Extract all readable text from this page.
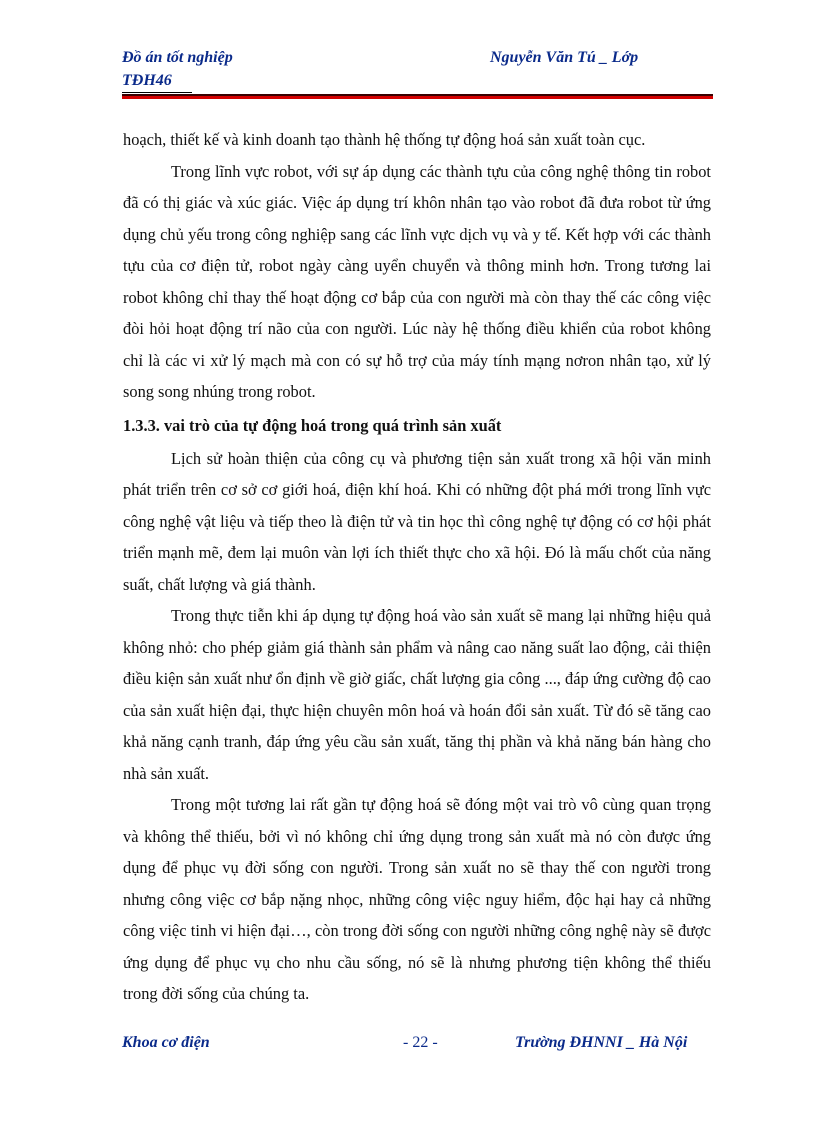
Đồ án tốt nghiệp
TĐH46
Nguyễn Văn Tú _ Lớp

hoạch, thiết kế và kinh doanh tạo thành hệ thống tự động hoá sản xuất toàn cục.

Trong lĩnh vực robot, với sự áp dụng các thành tựu của công nghệ thông tin robot đã có thị giác và xúc giác. Việc áp dụng trí khôn nhân tạo vào robot đã đưa robot từ ứng dụng chủ yếu trong công nghiệp sang các lĩnh vực dịch vụ và y tế. Kết hợp với các thành tựu của cơ điện tử, robot ngày càng uyển chuyển và thông minh hơn. Trong tương lai robot không chỉ thay thế hoạt động cơ bắp của con người mà còn thay thế các công việc đòi hỏi hoạt động trí não của con người. Lúc này hệ thống điều khiển của robot không chỉ là các vi xử lý mạch mà con có sự hỗ trợ của máy tính mạng nơron nhân tạo, xử lý song song nhúng trong robot.

1.3.3. vai trò của tự động hoá trong quá trình sản xuất

Lịch sử hoàn thiện của công cụ và phương tiện sản xuất trong xã hội văn minh phát triển trên cơ sở cơ giới hoá, điện khí hoá. Khi có những đột phá mới trong lĩnh vực công nghệ vật liệu và tiếp theo là điện tử và tin học thì công nghệ tự động có cơ hội phát triển mạnh mẽ, đem lại muôn vàn lợi ích thiết thực cho xã hội. Đó là mấu chốt của năng suất, chất lượng và giá thành.

Trong thực tiễn khi áp dụng tự động hoá vào sản xuất sẽ mang lại những hiệu quả không nhỏ: cho phép giảm giá thành sản phẩm và nâng cao năng suất lao động, cải thiện điều kiện sản xuất như ổn định về giờ giấc, chất lượng gia công ..., đáp ứng cường độ cao của sản xuất hiện đại, thực hiện chuyên môn hoá và hoán đổi sản xuất. Từ đó sẽ tăng cao khả năng cạnh tranh, đáp ứng yêu cầu sản xuất, tăng thị phần và khả năng bán hàng cho nhà sản xuất.

Trong một tương lai rất gần tự động hoá sẽ đóng một vai trò vô cùng quan trọng và không thể thiếu, bởi vì nó không chỉ ứng dụng trong sản xuất mà nó còn được ứng dụng để phục vụ đời sống con người. Trong sản xuất no sẽ thay thế con người trong nhưng công việc cơ bắp nặng nhọc, những công việc nguy hiểm, độc hại hay cả những công việc tinh vi hiện đại…, còn trong đời sống con người những công nghệ này sẽ được ứng dụng để phục vụ cho nhu cầu sống, nó sẽ là nhưng phương tiện không thể thiếu trong đời sống của chúng ta.

Khoa cơ điện	- 22 -	Trường ĐHNNI _ Hà Nội
